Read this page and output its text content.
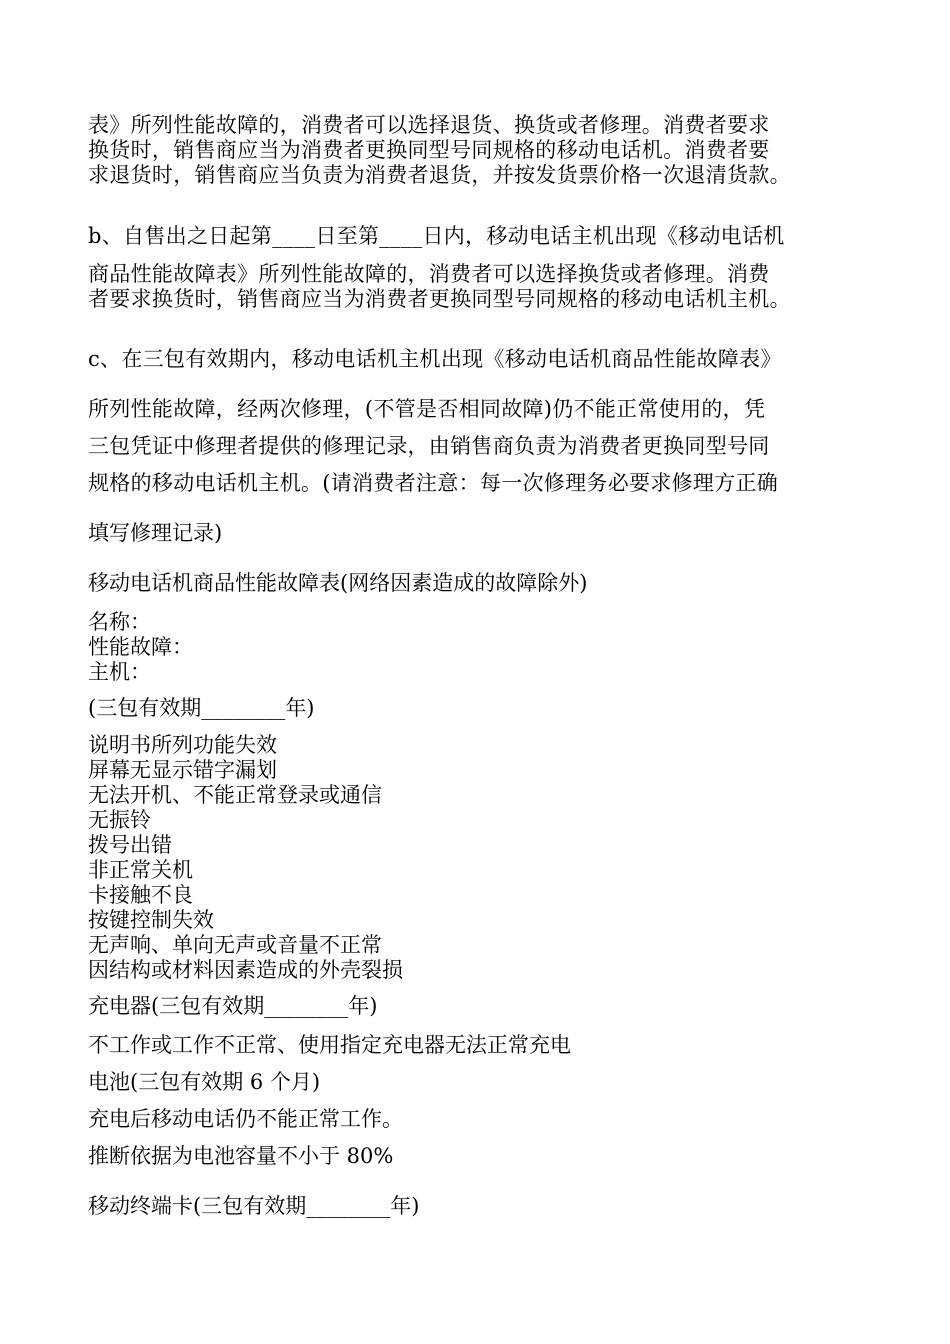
表》所列性能故障的，消费者可以选择退货、换货或者修理。消费者要求
换货时，销售商应当为消费者更换同型号同规格的移动电话机。消费者要
求退货时，销售商应当负责为消费者退货，并按发货票价格一次退清货款。
b、自售出之日起第____日至第____日内，移动电话主机出现《移动电话机
商品性能故障表》所列性能故障的，消费者可以选择换货或者修理。消费
者要求换货时，销售商应当为消费者更换同型号同规格的移动电话机主机。
c、在三包有效期内，移动电话机主机出现《移动电话机商品性能故障表》
所列性能故障，经两次修理，(不管是否相同故障)仍不能正常使用的，凭
三包凭证中修理者提供的修理记录，由销售商负责为消费者更换同型号同
规格的移动电话机主机。(请消费者注意：每一次修理务必要求修理方正确
填写修理记录)
移动电话机商品性能故障表(网络因素造成的故障除外)
名称：
性能故障：
主机：
(三包有效期________年)
说明书所列功能失效
屏幕无显示错字漏划
无法开机、不能正常登录或通信
无振铃
拨号出错
非正常关机
卡接触不良
按键控制失效
无声响、单向无声或音量不正常
因结构或材料因素造成的外壳裂损
充电器(三包有效期________年)
不工作或工作不正常、使用指定充电器无法正常充电
电池(三包有效期 6 个月)
充电后移动电话仍不能正常工作。
推断依据为电池容量不小于 80%
移动终端卡(三包有效期________年)
